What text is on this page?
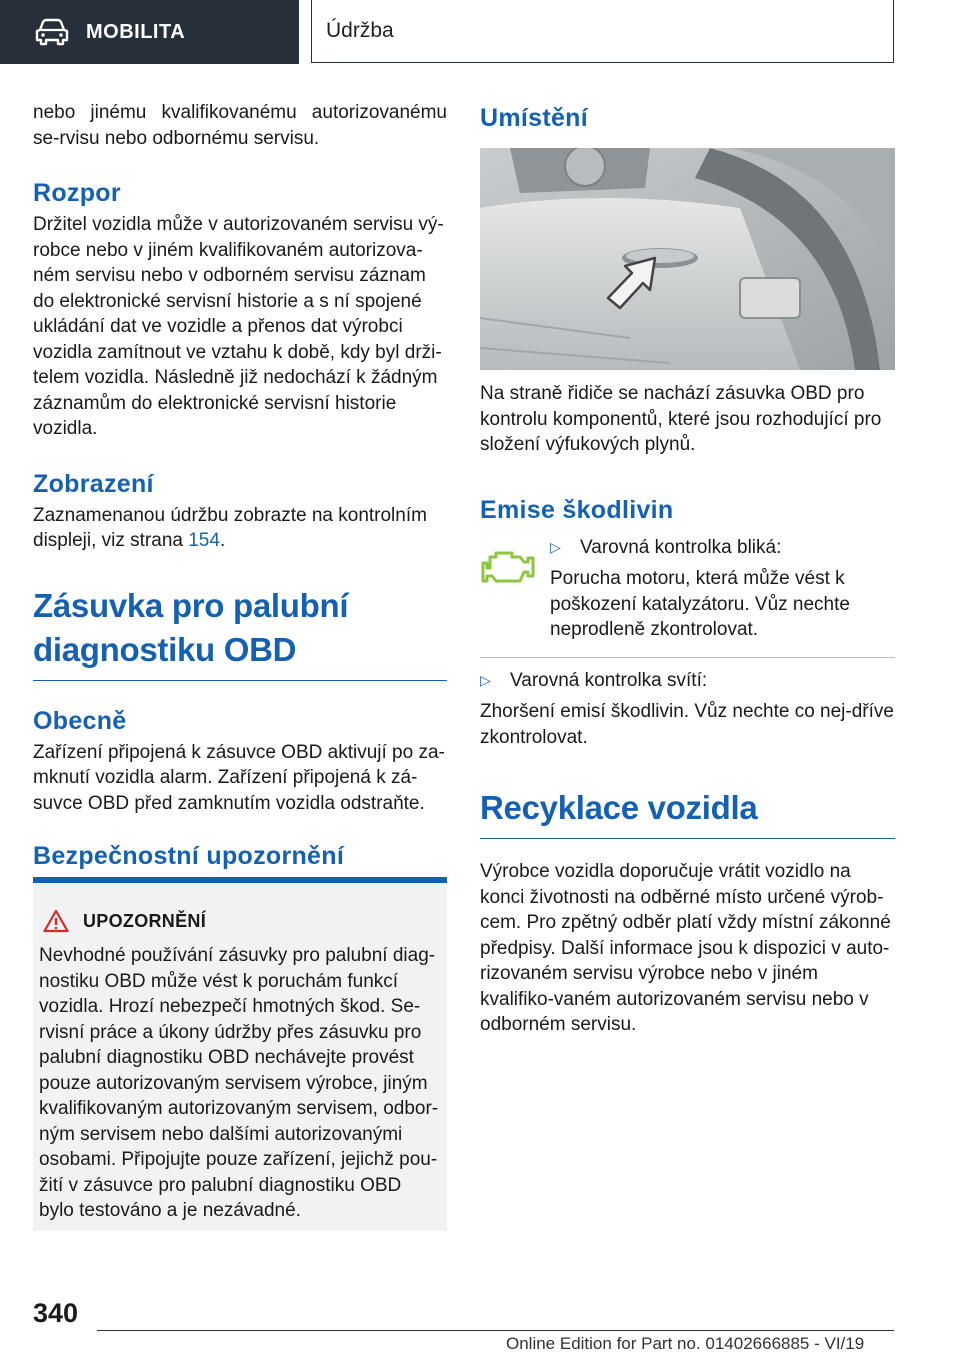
MOBILITA	Údržba

nebo jinému kvalifikovanému autorizovanému se-rvisu nebo odbornému servisu.

Rozpor

Držitel vozidla může v autorizovaném servisu vý-robce nebo v jiném kvalifikovaném autorizova-ném servisu nebo v odborném servisu záznam do elektronické servisní historie a s ní spojené ukládání dat ve vozidle a přenos dat výrobci vozidla zamítnout ve vztahu k době, kdy byl drži-telem vozidla. Následně již nedochází k žádným záznamům do elektronické servisní historie vozidla.

Zobrazení

Zaznamenanou údržbu zobrazte na kontrolním displeji, viz strana 154.

Zásuvka pro palubní
diagnostiku OBD
Obecně

Zařízení připojená k zásuvce OBD aktivují po za-mknutí vozidla alarm. Zařízení připojená k zá-suvce OBD před zamknutím vozidla odstraňte.

Bezpečnostní upozornění
UPOZORNĚNÍ

Nevhodné používání zásuvky pro palubní diag-nostiku OBD může vést k poruchám funkcí vozidla. Hrozí nebezpečí hmotných škod. Se-rvisní práce a úkony údržby přes zásuvku pro palubní diagnostiku OBD nechávejte provést pouze autorizovaným servisem výrobce, jiným kvalifikovaným autorizovaným servisem, odbor-ným servisem nebo dalšími autorizovanými osobami. Připojujte pouze zařízení, jejichž pou-žití v zásuvce pro palubní diagnostiku OBD bylo testováno a je nezávadné.

Umístění

Na straně řidiče se nachází zásuvka OBD pro kontrolu komponentů, které jsou rozhodující pro složení výfukových plynů.

Emise škodlivin
▷	Varovná kontrolka bliká:

Porucha motoru, která může vést k poškození katalyzátoru. Vůz nechte neprodleně zkontrolovat.

▷	Varovná kontrolka svítí:

Zhoršení emisí škodlivin. Vůz nechte co nej-dříve zkontrolovat.

Recyklace vozidla

Výrobce vozidla doporučuje vrátit vozidlo na konci životnosti na odběrné místo určené výrob-cem. Pro zpětný odběr platí vždy místní zákonné předpisy. Další informace jsou k dispozici v auto-rizovaném servisu výrobce nebo v jiném kvalifiko-vaném autorizovaném servisu nebo v odborném servisu.

340
Online Edition for Part no. 01402666885 - VI/19
